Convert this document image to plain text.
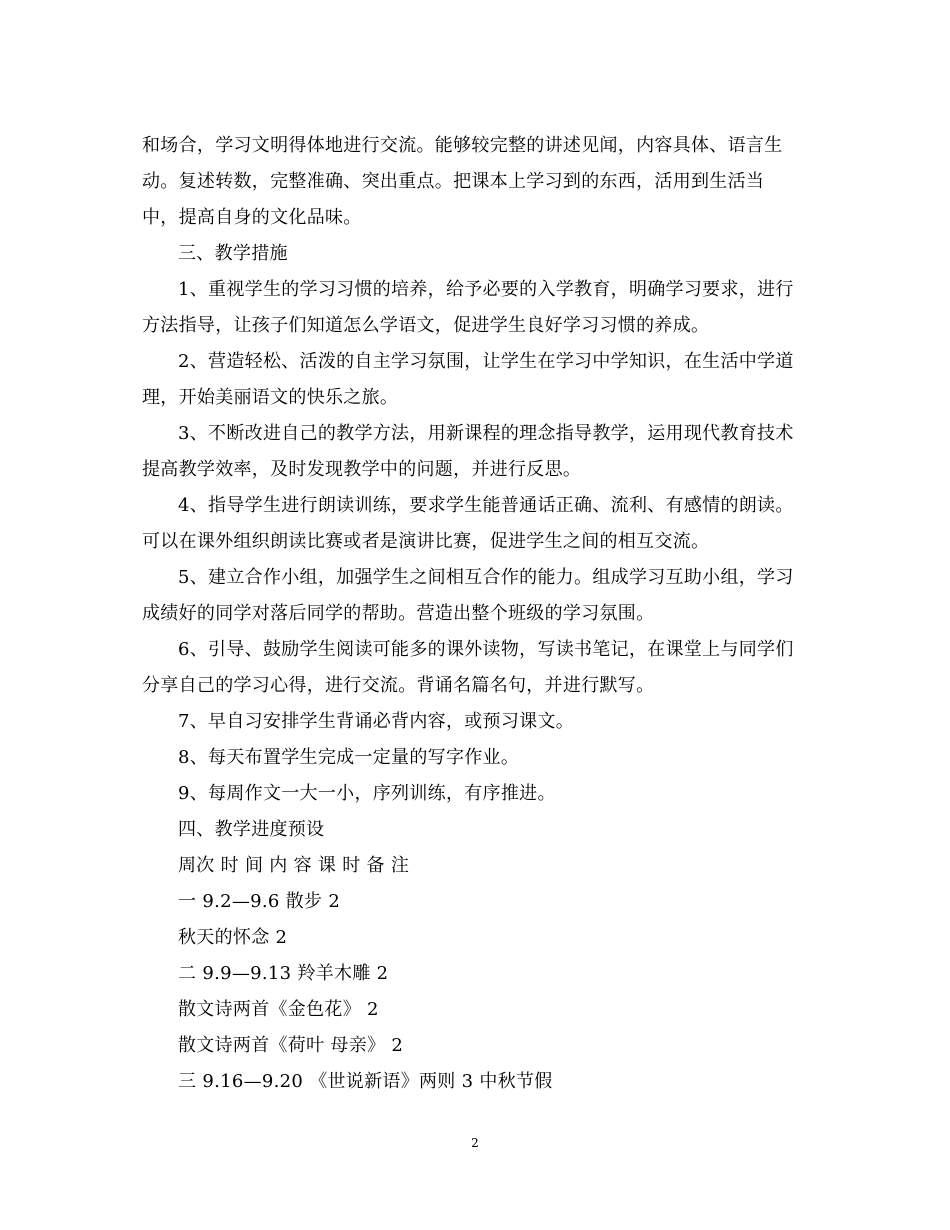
和场合，学习文明得体地进行交流。能够较完整的讲述见闻，内容具体、语言生
动。复述转数，完整准确、突出重点。把课本上学习到的东西，活用到生活当
中，提高自身的文化品味。
三、教学措施
1、重视学生的学习习惯的培养，给予必要的入学教育，明确学习要求，进行
方法指导，让孩子们知道怎么学语文，促进学生良好学习习惯的养成。
2、营造轻松、活泼的自主学习氛围，让学生在学习中学知识，在生活中学道
理，开始美丽语文的快乐之旅。
3、不断改进自己的教学方法，用新课程的理念指导教学，运用现代教育技术
提高教学效率，及时发现教学中的问题，并进行反思。
4、指导学生进行朗读训练，要求学生能普通话正确、流利、有感情的朗读。
可以在课外组织朗读比赛或者是演讲比赛，促进学生之间的相互交流。
5、建立合作小组，加强学生之间相互合作的能力。组成学习互助小组，学习
成绩好的同学对落后同学的帮助。营造出整个班级的学习氛围。
6、引导、鼓励学生阅读可能多的课外读物，写读书笔记，在课堂上与同学们
分享自己的学习心得，进行交流。背诵名篇名句，并进行默写。
7、早自习安排学生背诵必背内容，或预习课文。
8、每天布置学生完成一定量的写字作业。
9、每周作文一大一小，序列训练，有序推进。
四、教学进度预设
周次 时 间 内 容 课 时 备 注
一 9.2—9.6 散步 2
秋天的怀念 2
二 9.9—9.13 羚羊木雕 2
散文诗两首《金色花》 2
散文诗两首《荷叶 母亲》 2
三 9.16—9.20 《世说新语》两则 3 中秋节假
2
